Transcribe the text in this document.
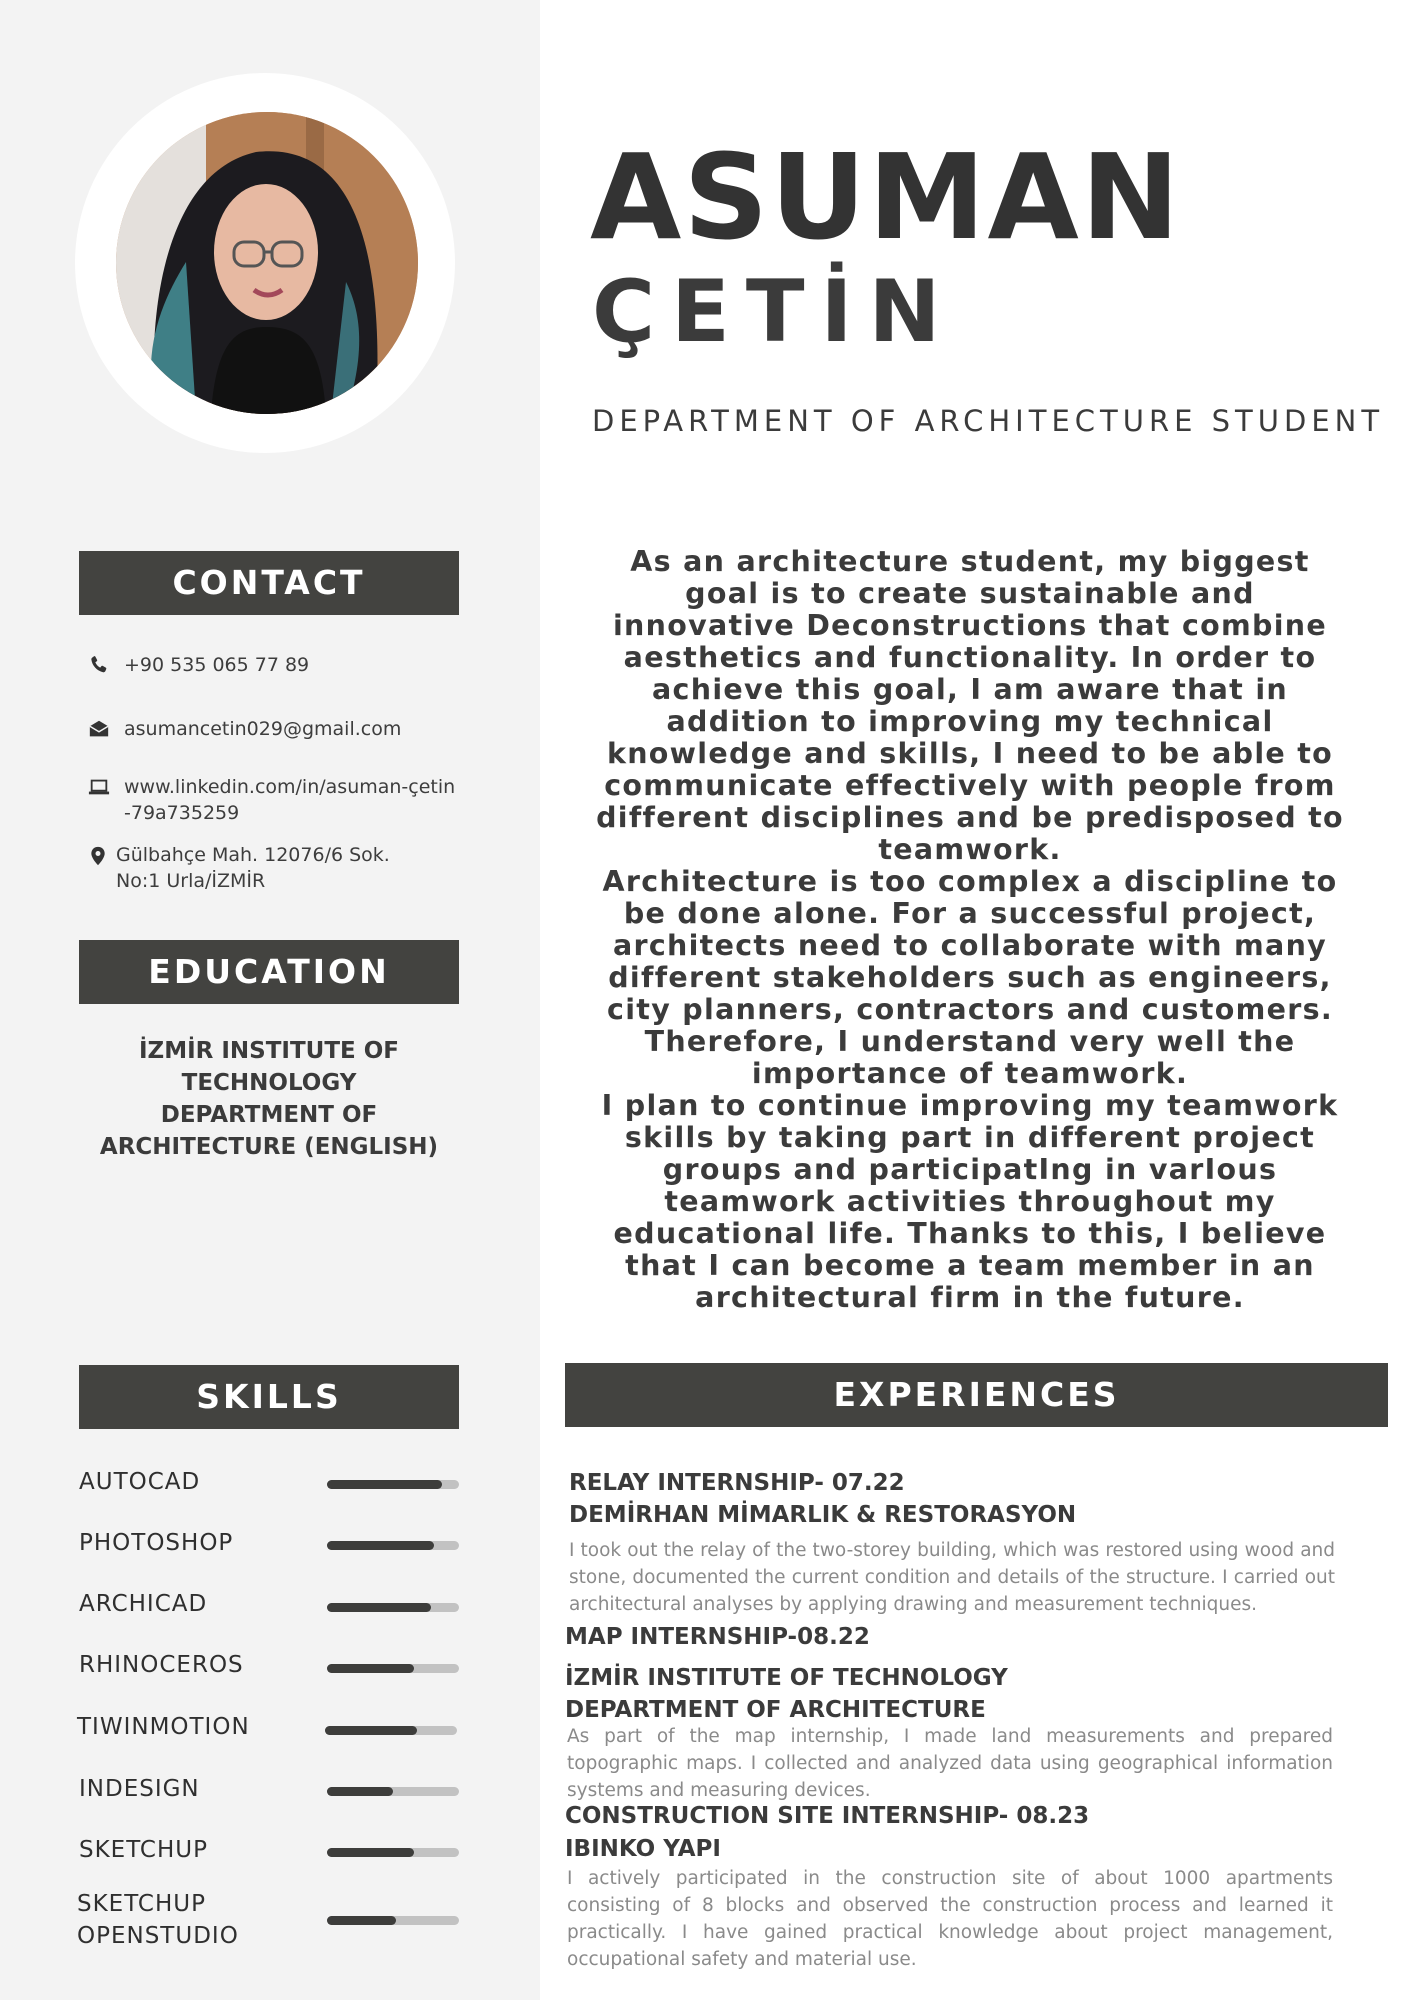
ASUMAN
ÇETİN

DEPARTMENT OF ARCHITECTURE STUDENT

CONTACT
+90 535 065 77 89
asumancetin029@gmail.com
www.linkedin.com/in/asuman-çetin
-79a735259
Gülbahçe Mah. 12076/6 Sok.
No:1 Urla/İZMİR
EDUCATION
İZMİR INSTITUTE OF
TECHNOLOGY
DEPARTMENT OF
ARCHITECTURE (ENGLISH)

As an architecture student, my biggest goal is to create sustainable and innovative Deconstructions that combine aesthetics and functionality. In order to achieve this goal, I am aware that in addition to improving my technical knowledge and skills, I need to be able to communicate effectively with people from different disciplines and be predisposed to teamwork.

Architecture is too complex a discipline to be done alone. For a successful project, architects need to collaborate with many different stakeholders such as engineers, city planners, contractors and customers. Therefore, I understand very well the importance of teamwork.

I plan to continue improving my teamwork skills by taking part in different project groups and participatIng in varIous teamwork activities throughout my educational life. Thanks to this, I believe that I can become a team member in an architectural firm in the future.

SKILLS
AUTOCAD
PHOTOSHOP
ARCHICAD
RHINOCEROS
TIWINMOTION
INDESIGN
SKETCHUP
SKETCHUP
OPENSTUDIO
EXPERIENCES
RELAY INTERNSHIP- 07.22
DEMİRHAN MİMARLIK & RESTORASYON

I took out the relay of the two-storey building, which was restored using wood and stone, documented the current condition and details of the structure. I carried out architectural analyses by applying drawing and measurement techniques.

MAP INTERNSHIP-08.22
İZMİR INSTITUTE OF TECHNOLOGY
DEPARTMENT OF ARCHITECTURE

As part of the map internship, I made land measurements and prepared topographic maps. I collected and analyzed data using geographical information systems and measuring devices.

CONSTRUCTION SITE INTERNSHIP- 08.23
IBINKO YAPI

I actively participated in the construction site of about 1000 apartments consisting of 8 blocks and observed the construction process and learned it practically. I have gained practical knowledge about project management, occupational safety and material use.
